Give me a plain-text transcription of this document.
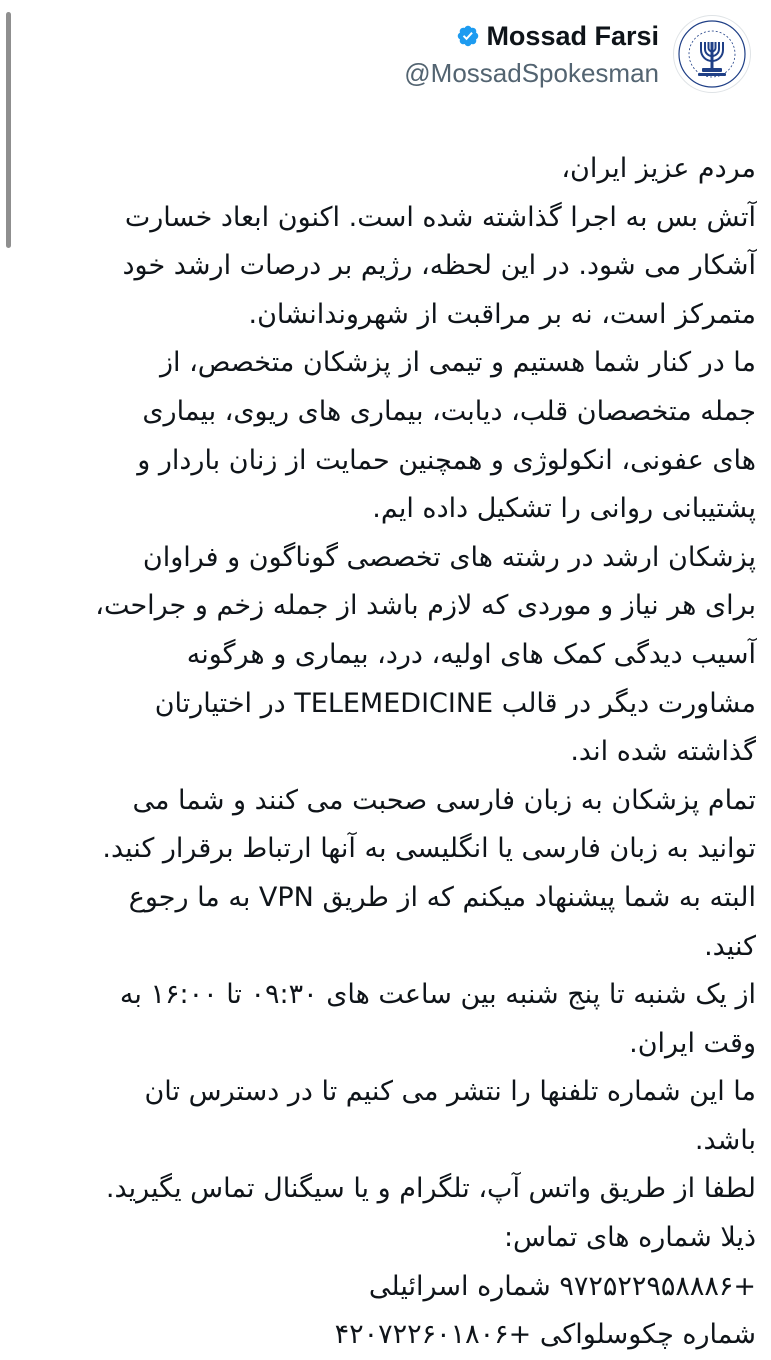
Mossad Farsi
@MossadSpokesman
مردم عزیز ایران،
آتش بس به اجرا گذاشته شده است. اکنون ابعاد خسارت
آشکار می شود. در این لحظه، رژیم بر درصات ارشد خود
متمرکز است، نه بر مراقبت از شهروندانشان.
ما در کنار شما هستیم و تیمی از پزشکان متخصص، از
جمله متخصصان قلب، دیابت، بیماری های ریوی، بیماری
های عفونی، انکولوژی و همچنین حمایت از زنان باردار و
پشتیبانی روانی را تشکیل داده ایم.
پزشکان ارشد در رشته های تخصصی گوناگون و فراوان
برای هر نیاز و موردی که لازم باشد از جمله زخم و جراحت،
آسیب دیدگی کمک های اولیه، درد، بیماری و هرگونه
مشاورت دیگر در قالب TELEMEDICINE در اختیارتان
گذاشته شده اند.
تمام پزشکان به زبان فارسی صحبت می کنند و شما می
توانید به زبان فارسی یا انگلیسی به آنها ارتباط برقرار کنید.
البته به شما پیشنهاد میکنم که از طریق VPN به ما رجوع
کنید.
از یک شنبه تا پنج شنبه بین ساعت های ۰۹:۳۰ تا ۱۶:۰۰ به
وقت ایران.
ما این شماره تلفنها را نتشر می کنیم تا در دسترس تان
باشد.
لطفا از طریق واتس آپ، تلگرام و یا سیگنال تماس یگیرید.
ذیلا شماره های تماس:
+۹۷۲۵۲۲۹۵۸۸۸۶ شماره اسرائیلی
شماره چکوسلواکی +۴۲۰۷۲۲۶۰۱۸۰۶
